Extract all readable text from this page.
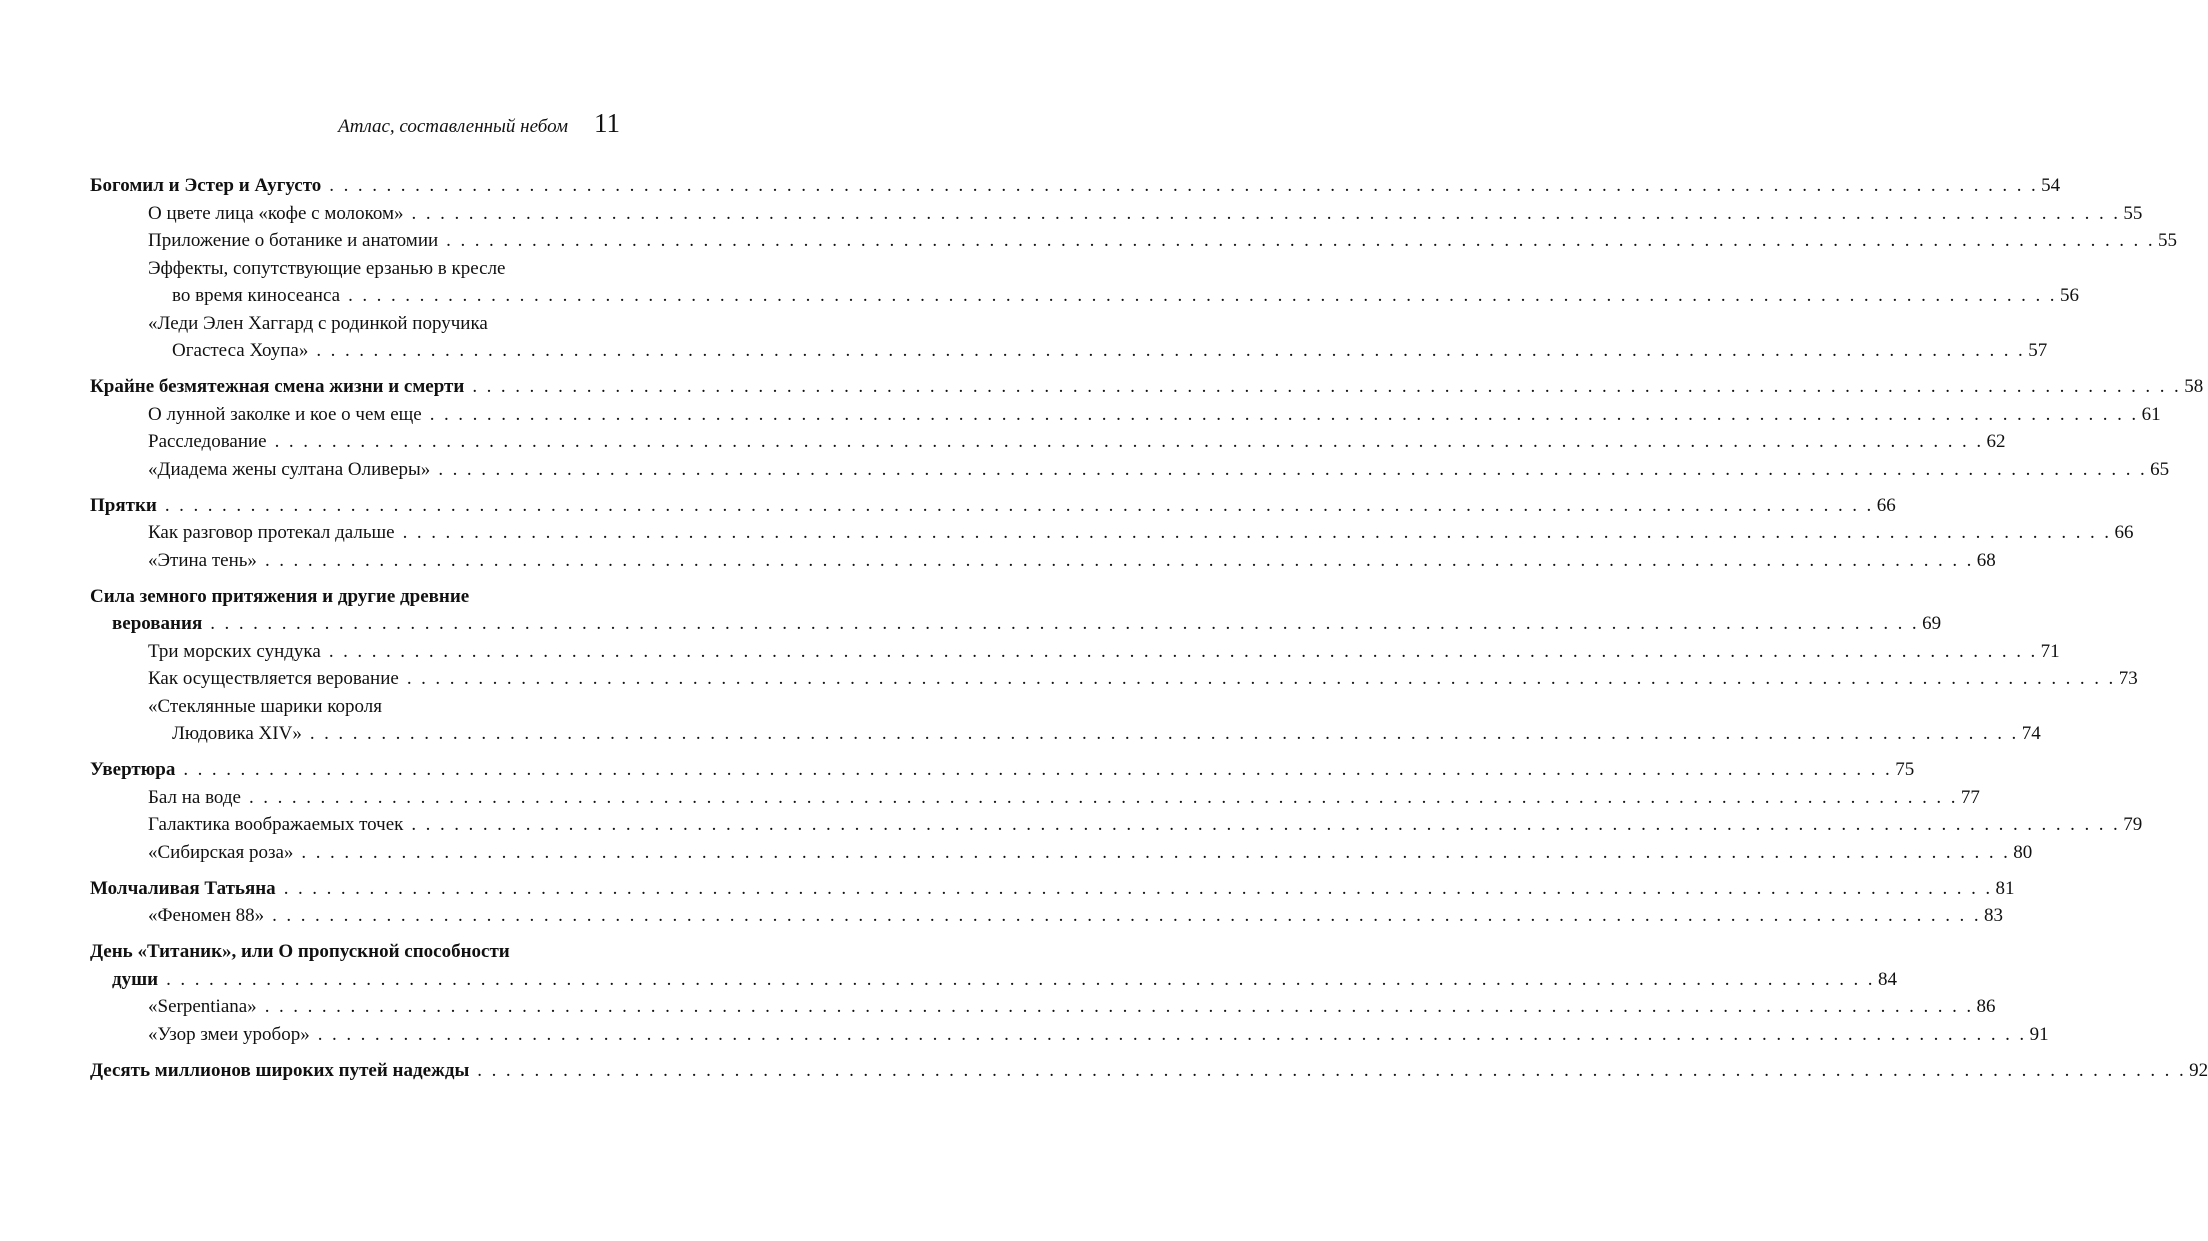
Атлас, составленный небом 11
Богомил и Эстер и Аугусто . . . . . . . . . . . . . . . . . . . . . . . . . . . . . . . . . . . . . . . . . . . . . . . . . . . . . . . . . . . . . . . . . . . . . . . . . . . . . . . . . . . . . . . . . . . . . . . . . . . . . . . . . . . . . . . . . . . . . . . . 54
О цвете лица «кофе с молоком» . . . . . . . . . . . . . . . . . . . . . . . . . . . . . . . . . . . . . . . . . . . . . . . . . . . . . . . . . . . . . . . . . . . . . . . . . . . . . . . . . . . . . . . . . . . . . . . . . . . . . . . . . . . . . . . . . . . . . . . . 55
Приложение о ботанике и анатомии . . . . . . . . . . . . . . . . . . . . . . . . . . . . . . . . . . . . . . . . . . . . . . . . . . . . . . . . . . . . . . . . . . . . . . . . . . . . . . . . . . . . . . . . . . . . . . . . . . . . . . . . . . . . . . . . . . . . . . . . 55
Эффекты, сопутствующие ерзанью в кресле
во время киносеанса . . . . . . . . . . . . . . . . . . . . . . . . . . . . . . . . . . . . . . . . . . . . . . . . . . . . . . . . . . . . . . . . . . . . . . . . . . . . . . . . . . . . . . . . . . . . . . . . . . . . . . . . . . . . . . . . . . . . . . . . 56
«Леди Элен Хаггард с родинкой поручика
Огастеса Хоупа» . . . . . . . . . . . . . . . . . . . . . . . . . . . . . . . . . . . . . . . . . . . . . . . . . . . . . . . . . . . . . . . . . . . . . . . . . . . . . . . . . . . . . . . . . . . . . . . . . . . . . . . . . . . . . . . . . . . . . . . . 57
Крайне безмятежная смена жизни и смерти . . . . . . . . . . . . . . . . . . . . . . . . . . . . . . . . . . . . . . . . . . . . . . . . . . . . . . . . . . . . . . . . . . . . . . . . . . . . . . . . . . . . . . . . . . . . . . . . . . . . . . . . . . . . . . . . . . . . . . . . 58
О лунной заколке и кое о чем еще . . . . . . . . . . . . . . . . . . . . . . . . . . . . . . . . . . . . . . . . . . . . . . . . . . . . . . . . . . . . . . . . . . . . . . . . . . . . . . . . . . . . . . . . . . . . . . . . . . . . . . . . . . . . . . . . . . . . . . . . 61
Расследование . . . . . . . . . . . . . . . . . . . . . . . . . . . . . . . . . . . . . . . . . . . . . . . . . . . . . . . . . . . . . . . . . . . . . . . . . . . . . . . . . . . . . . . . . . . . . . . . . . . . . . . . . . . . . . . . . . . . . . . . 62
«Диадема жены султана Оливеры» . . . . . . . . . . . . . . . . . . . . . . . . . . . . . . . . . . . . . . . . . . . . . . . . . . . . . . . . . . . . . . . . . . . . . . . . . . . . . . . . . . . . . . . . . . . . . . . . . . . . . . . . . . . . . . . . . . . . . . . . 65
Прятки . . . . . . . . . . . . . . . . . . . . . . . . . . . . . . . . . . . . . . . . . . . . . . . . . . . . . . . . . . . . . . . . . . . . . . . . . . . . . . . . . . . . . . . . . . . . . . . . . . . . . . . . . . . . . . . . . . . . . . . . 66
Как разговор протекал дальше . . . . . . . . . . . . . . . . . . . . . . . . . . . . . . . . . . . . . . . . . . . . . . . . . . . . . . . . . . . . . . . . . . . . . . . . . . . . . . . . . . . . . . . . . . . . . . . . . . . . . . . . . . . . . . . . . . . . . . . . 66
«Этина тень» . . . . . . . . . . . . . . . . . . . . . . . . . . . . . . . . . . . . . . . . . . . . . . . . . . . . . . . . . . . . . . . . . . . . . . . . . . . . . . . . . . . . . . . . . . . . . . . . . . . . . . . . . . . . . . . . . . . . . . . . 68
Сила земного притяжения и другие древние
верования . . . . . . . . . . . . . . . . . . . . . . . . . . . . . . . . . . . . . . . . . . . . . . . . . . . . . . . . . . . . . . . . . . . . . . . . . . . . . . . . . . . . . . . . . . . . . . . . . . . . . . . . . . . . . . . . . . . . . . . . 69
Три морских сундука . . . . . . . . . . . . . . . . . . . . . . . . . . . . . . . . . . . . . . . . . . . . . . . . . . . . . . . . . . . . . . . . . . . . . . . . . . . . . . . . . . . . . . . . . . . . . . . . . . . . . . . . . . . . . . . . . . . . . . . . 71
Как осуществляется верование . . . . . . . . . . . . . . . . . . . . . . . . . . . . . . . . . . . . . . . . . . . . . . . . . . . . . . . . . . . . . . . . . . . . . . . . . . . . . . . . . . . . . . . . . . . . . . . . . . . . . . . . . . . . . . . . . . . . . . . . 73
«Стеклянные шарики короля
Людовика XIV» . . . . . . . . . . . . . . . . . . . . . . . . . . . . . . . . . . . . . . . . . . . . . . . . . . . . . . . . . . . . . . . . . . . . . . . . . . . . . . . . . . . . . . . . . . . . . . . . . . . . . . . . . . . . . . . . . . . . . . . . 74
Увертюра . . . . . . . . . . . . . . . . . . . . . . . . . . . . . . . . . . . . . . . . . . . . . . . . . . . . . . . . . . . . . . . . . . . . . . . . . . . . . . . . . . . . . . . . . . . . . . . . . . . . . . . . . . . . . . . . . . . . . . . . 75
Бал на воде . . . . . . . . . . . . . . . . . . . . . . . . . . . . . . . . . . . . . . . . . . . . . . . . . . . . . . . . . . . . . . . . . . . . . . . . . . . . . . . . . . . . . . . . . . . . . . . . . . . . . . . . . . . . . . . . . . . . . . . . 77
Галактика воображаемых точек . . . . . . . . . . . . . . . . . . . . . . . . . . . . . . . . . . . . . . . . . . . . . . . . . . . . . . . . . . . . . . . . . . . . . . . . . . . . . . . . . . . . . . . . . . . . . . . . . . . . . . . . . . . . . . . . . . . . . . . . 79
«Сибирская роза» . . . . . . . . . . . . . . . . . . . . . . . . . . . . . . . . . . . . . . . . . . . . . . . . . . . . . . . . . . . . . . . . . . . . . . . . . . . . . . . . . . . . . . . . . . . . . . . . . . . . . . . . . . . . . . . . . . . . . . . . 80
Молчаливая Татьяна . . . . . . . . . . . . . . . . . . . . . . . . . . . . . . . . . . . . . . . . . . . . . . . . . . . . . . . . . . . . . . . . . . . . . . . . . . . . . . . . . . . . . . . . . . . . . . . . . . . . . . . . . . . . . . . . . . . . . . . . 81
«Феномен 88» . . . . . . . . . . . . . . . . . . . . . . . . . . . . . . . . . . . . . . . . . . . . . . . . . . . . . . . . . . . . . . . . . . . . . . . . . . . . . . . . . . . . . . . . . . . . . . . . . . . . . . . . . . . . . . . . . . . . . . . . 83
День «Титаник», или О пропускной способности
души . . . . . . . . . . . . . . . . . . . . . . . . . . . . . . . . . . . . . . . . . . . . . . . . . . . . . . . . . . . . . . . . . . . . . . . . . . . . . . . . . . . . . . . . . . . . . . . . . . . . . . . . . . . . . . . . . . . . . . . . 84
«Serpentiana» . . . . . . . . . . . . . . . . . . . . . . . . . . . . . . . . . . . . . . . . . . . . . . . . . . . . . . . . . . . . . . . . . . . . . . . . . . . . . . . . . . . . . . . . . . . . . . . . . . . . . . . . . . . . . . . . . . . . . . . . 86
«Узор змеи уробор» . . . . . . . . . . . . . . . . . . . . . . . . . . . . . . . . . . . . . . . . . . . . . . . . . . . . . . . . . . . . . . . . . . . . . . . . . . . . . . . . . . . . . . . . . . . . . . . . . . . . . . . . . . . . . . . . . . . . . . . . 91
Десять миллионов широких путей надежды . . . . . . . . . . . . . . . . . . . . . . . . . . . . . . . . . . . . . . . . . . . . . . . . . . . . . . . . . . . . . . . . . . . . . . . . . . . . . . . . . . . . . . . . . . . . . . . . . . . . . . . . . . . . . . . . . . . . . . . . 92
